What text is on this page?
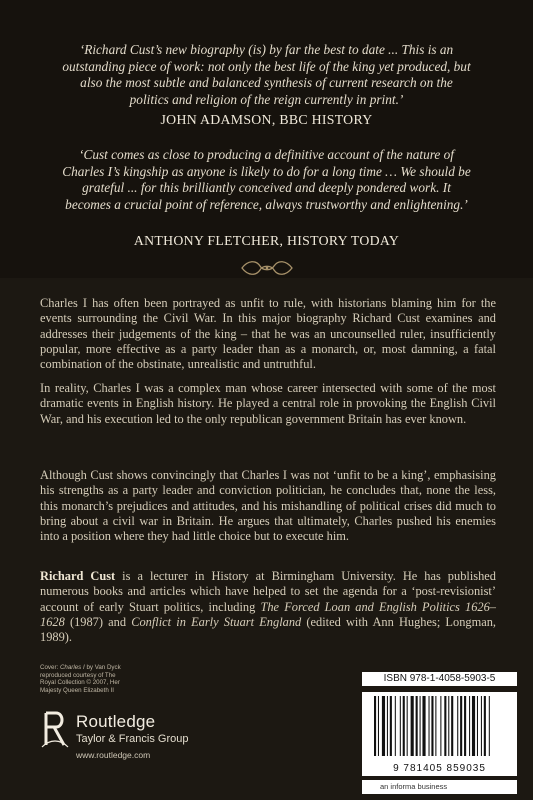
‘Richard Cust’s new biography (is) by far the best to date ... This is an outstanding piece of work: not only the best life of the king yet produced, but also the most subtle and balanced synthesis of current research on the politics and religion of the reign currently in print.’
JOHN ADAMSON, BBC HISTORY
‘Cust comes as close to producing a definitive account of the nature of Charles I’s kingship as anyone is likely to do for a long time … We should be grateful ... for this brilliantly conceived and deeply pondered work. It becomes a crucial point of reference, always trustworthy and enlightening.’
ANTHONY FLETCHER, HISTORY TODAY
Charles I has often been portrayed as unfit to rule, with historians blaming him for the events surrounding the Civil War. In this major biography Richard Cust examines and addresses their judgements of the king – that he was an uncounselled ruler, insufficiently popular, more effective as a party leader than as a monarch, or, most damning, a fatal combination of the obstinate, unrealistic and untruthful.
In reality, Charles I was a complex man whose career intersected with some of the most dramatic events in English history. He played a central role in provoking the English Civil War, and his execution led to the only republican government Britain has ever known.
Although Cust shows convincingly that Charles I was not ‘unfit to be a king’, emphasising his strengths as a party leader and conviction politician, he concludes that, none the less, this monarch’s prejudices and attitudes, and his mishandling of political crises did much to bring about a civil war in Britain. He argues that ultimately, Charles pushed his enemies into a position where they had little choice but to execute him.
Richard Cust is a lecturer in History at Birmingham University. He has published numerous books and articles which have helped to set the agenda for a ‘post-revisionist’ account of early Stuart politics, including The Forced Loan and English Politics 1626–1628 (1987) and Conflict in Early Stuart England (edited with Ann Hughes; Longman, 1989).
Cover: Charles I by Van Dyck reproduced courtesy of The Royal Collection © 2007, Her Majesty Queen Elizabeth II
Routledge
Taylor & Francis Group
www.routledge.com
ISBN 978-1-4058-5903-5
9 781405 859035
an informa business
